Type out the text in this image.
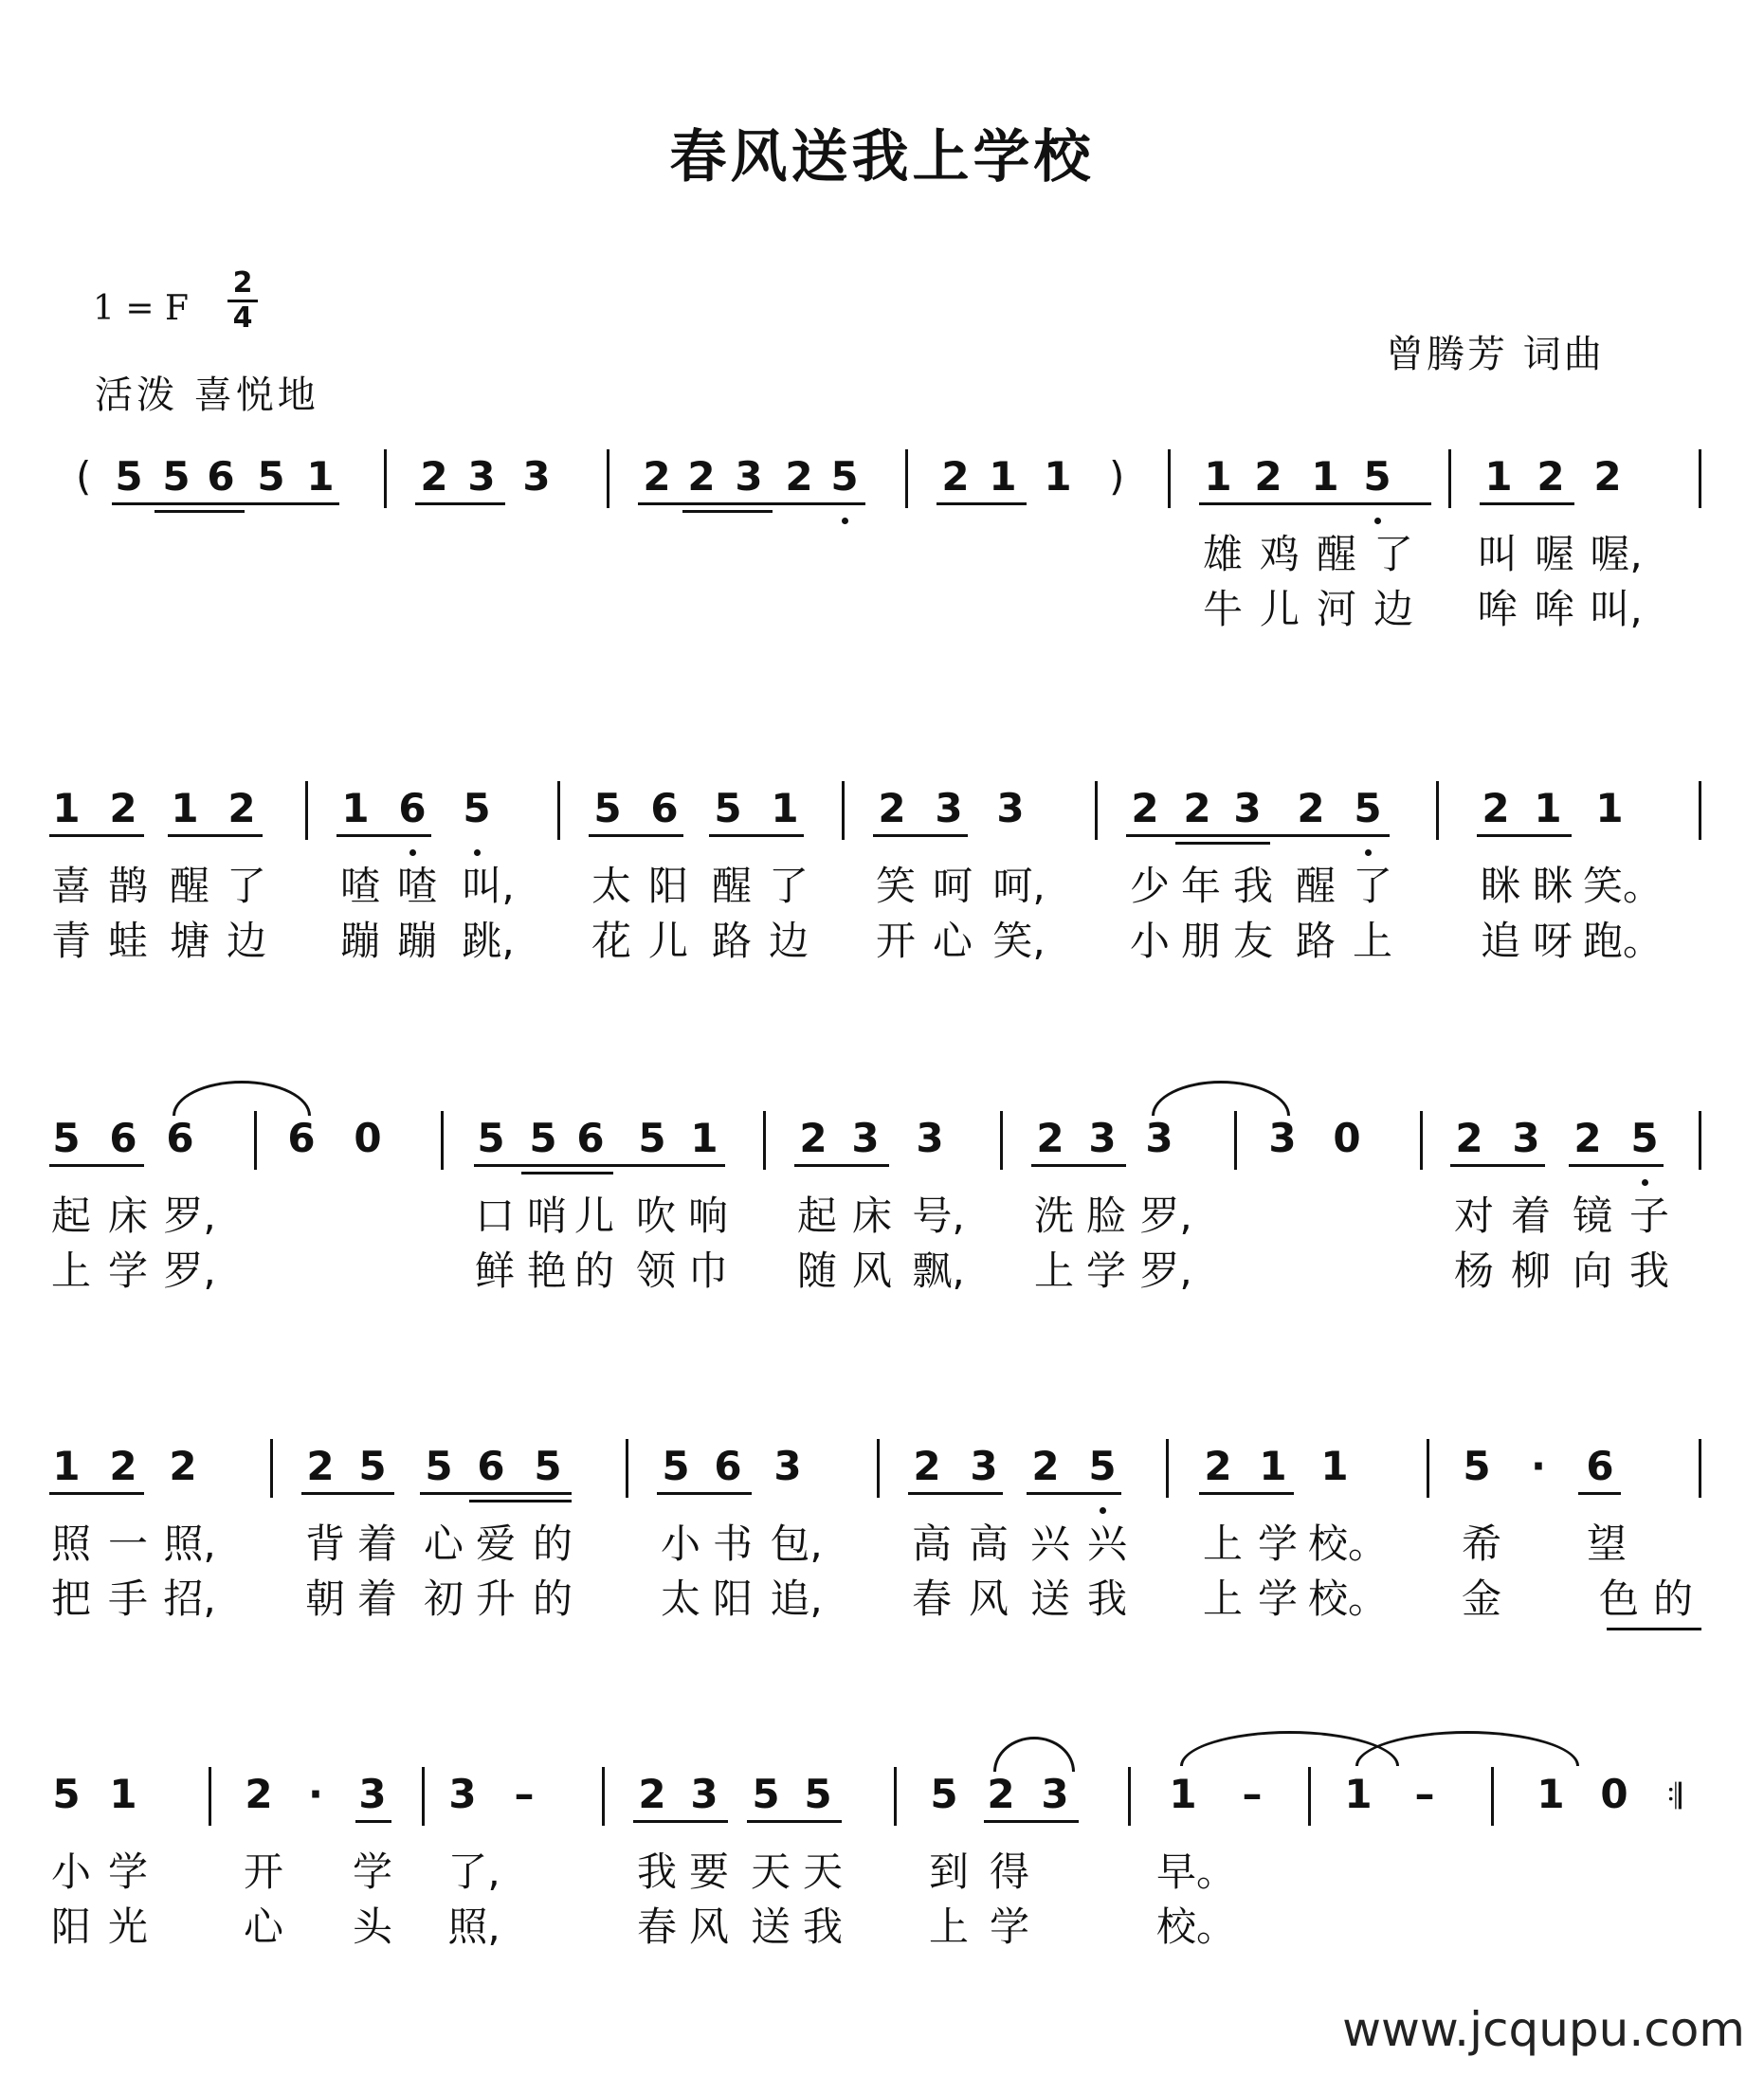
春风送我上学校
1 = F
2
4
活泼 喜悦地
曾腾芳 词曲
( 5 5 6 5 1 2 3 3 2 2 3 2 5 2 1 1 ) 1 2 1 5 1 2 2
雄 鸡 醒 了	叫 喔 喔,
牛 儿 河 边	哞 哞 叫,
1 2 1 2 1 6 5	5 6 5 1 2 3 3	2 2 3 2 5	2 1 1
喜 鹊 醒 了	喳 喳 叫,	太 阳 醒 了	笑 呵 呵,	少 年 我 醒 了	眯 眯 笑。
青 蛙 塘 边	蹦 蹦 跳,	花 儿 路 边	开 心 笑,	小 朋 友 路 上	追 呀 跑。
5 6 6 6 0 5 5 6 5 1 2 3 3 2 3 3 3 0 2 3 2 5
起 床 罗,	口 哨 儿 吹 响	起 床 号,	洗 脸 罗,	对 着 镜 子
上 学 罗,	鲜 艳 的 领 巾	随 风 飘,	上 学 罗,	杨 柳 向 我
1 2 2	2 5 5 6 5	5 6 3	2 3 2 5 2 1 1	5	·	6
照 一 照,	背 着 心 爱 的	小 书 包,	高 高 兴 兴	上 学 校。	希	望
把 手 招,	朝 着 初 升 的	太 阳 追,	春 风 送 我	上 学 校。	金	色 的
5 1	2 · 3 3 –	2 3 5 5 5 2 3	1 – 1 –	1 0
小 学	开	学	了,	我 要 天 天	到 得	早。
阳 光	心	头	照,	春 风 送 我	上 学	校。
www.jcqupu.com
